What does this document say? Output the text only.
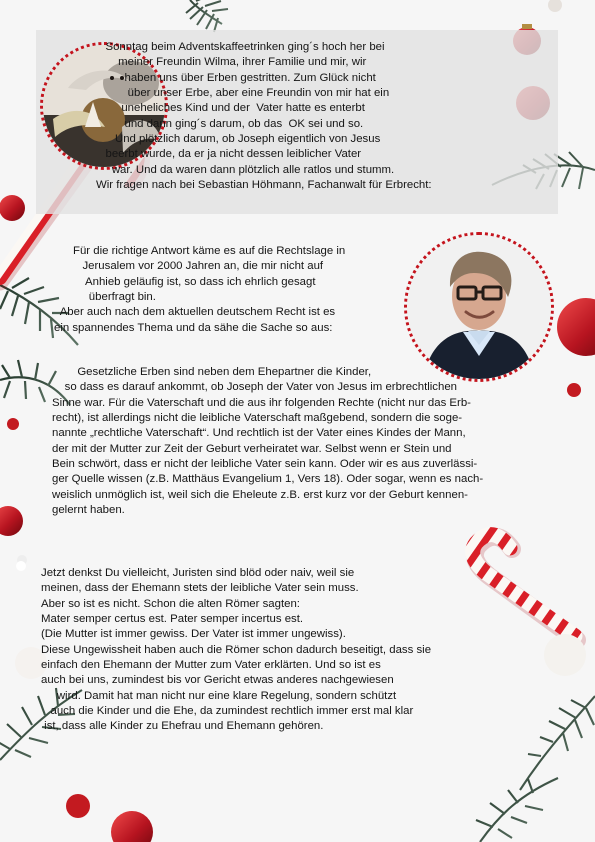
Sonntag beim Adventskaffeetrinken ging´s hoch her bei
meiner Freundin Wilma, ihrer Familie und mir, wir
haben uns über Erben gestritten. Zum Glück nicht
über unser Erbe, aber eine Freundin von mir hat ein
uneheliches Kind und der  Vater hatte es enterbt
und dann ging´s darum, ob das  OK sei und so.
Und plötzlich darum, ob Joseph eigentlich von Jesus
beerbt wurde, da er ja nicht dessen leiblicher Vater
war. Und da waren dann plötzlich alle ratlos und stumm.
Wir fragen nach bei Sebastian Höhmann, Fachanwalt für Erbrecht:

Für die richtige Antwort käme es auf die Rechtslage in
Jerusalem vor 2000 Jahren an, die mir nicht auf
Anhieb geläufig ist, so dass ich ehrlich gesagt
überfragt bin.
Aber auch nach dem aktuellen deutschem Recht ist es
ein spannendes Thema und da sähe die Sache so aus:

Gesetzliche Erben sind neben dem Ehepartner die Kinder,
so dass es darauf ankommt, ob Joseph der Vater von Jesus im erbrechtlichen
Sinne war. Für die Vaterschaft und die aus ihr folgenden Rechte (nicht nur das Erb-
recht), ist allerdings nicht die leibliche Vaterschaft maßgebend, sondern die soge-
nannte „rechtliche Vaterschaft“. Und rechtlich ist der Vater eines Kindes der Mann,
der mit der Mutter zur Zeit der Geburt verheiratet war. Selbst wenn er Stein und
Bein schwört, dass er nicht der leibliche Vater sein kann. Oder wir es aus zuverlässi-
ger Quelle wissen (z.B. Matthäus Evangelium 1, Vers 18). Oder sogar, wenn es nach-
weislich unmöglich ist, weil sich die Eheleute z.B. erst kurz vor der Geburt kennen-
gelernt haben.

Jetzt denkst Du vielleicht, Juristen sind blöd oder naiv, weil sie
meinen, dass der Ehemann stets der leibliche Vater sein muss.
Aber so ist es nicht. Schon die alten Römer sagten:
Mater semper certus est. Pater semper incertus est.
(Die Mutter ist immer gewiss. Der Vater ist immer ungewiss).
Diese Ungewissheit haben auch die Römer schon dadurch beseitigt, dass sie
einfach den Ehemann der Mutter zum Vater erklärten. Und so ist es
auch bei uns, zumindest bis vor Gericht etwas anderes nachgewiesen
wird. Damit hat man nicht nur eine klare Regelung, sondern schützt
auch die Kinder und die Ehe, da zumindest rechtlich immer erst mal klar
ist, dass alle Kinder zu Ehefrau und Ehemann gehören.
